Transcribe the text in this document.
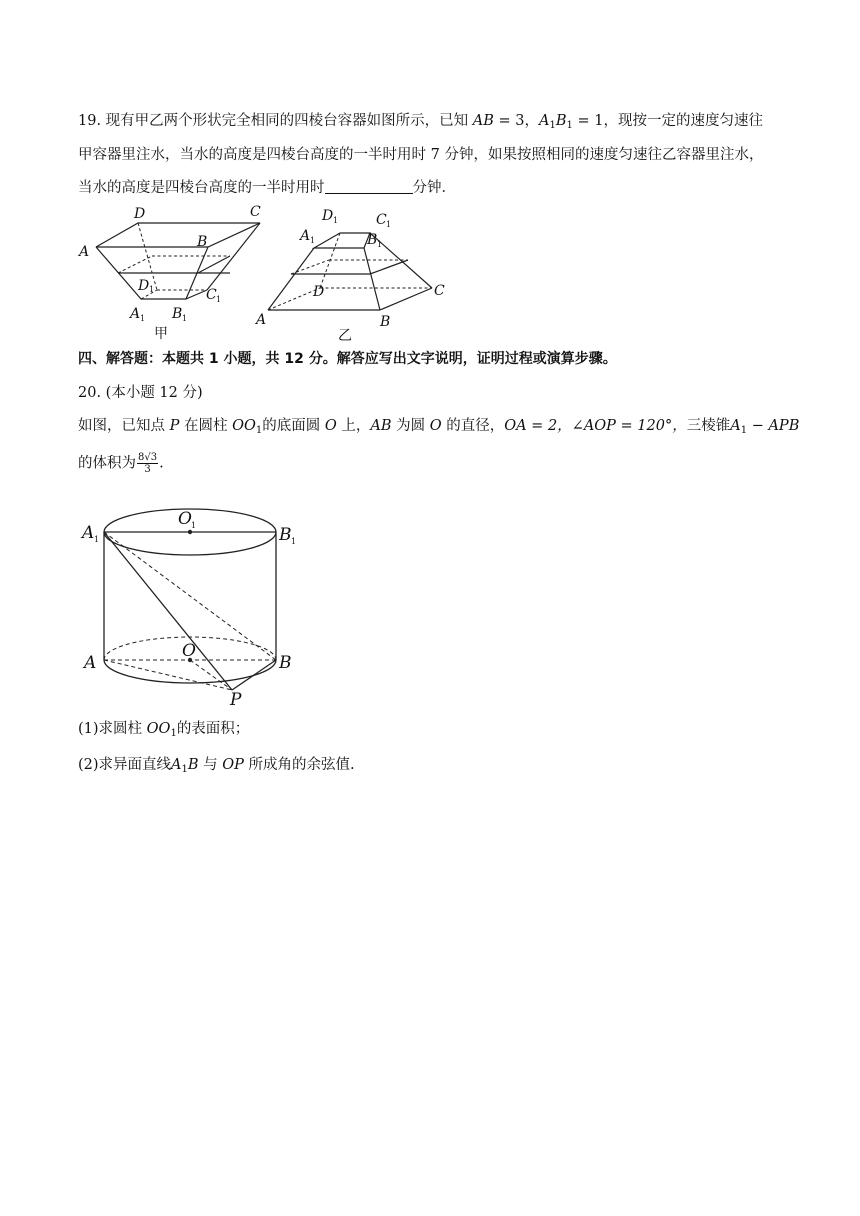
19. 现有甲乙两个形状完全相同的四棱台容器如图所示，已知 AB = 3，$A_1B_1 = 1$，现按一定的速度匀速往
甲容器里注水，当水的高度是四棱台高度的一半时用时 7 分钟，如果按照相同的速度匀速往乙容器里注水，
当水的高度是四棱台高度的一半时用时	分钟．
A
D	C
B
D 1	C 1
A 1 B 1
甲
D 1	C 1
A 1	B 1
D	C
A	B
乙
四、解答题：本题共 1 小题，共 12 分。解答应写出文字说明，证明过程或演算步骤。
20. (本小题 12 分)
如图，已知点 P 在圆柱 $OO_1$的底面圆 O 上，AB 为圆 O 的直径，OA = 2，∠AOP = 120°，三棱锥$A_1$ − APB
的体积为 $\frac{8√3}{3}$ .
O 1
A 1	B 1
O
A	B
P
(1)求圆柱 $OO_1$的表面积；
(2)求异面直线$A_1B$ 与 OP 所成角的余弦值.
